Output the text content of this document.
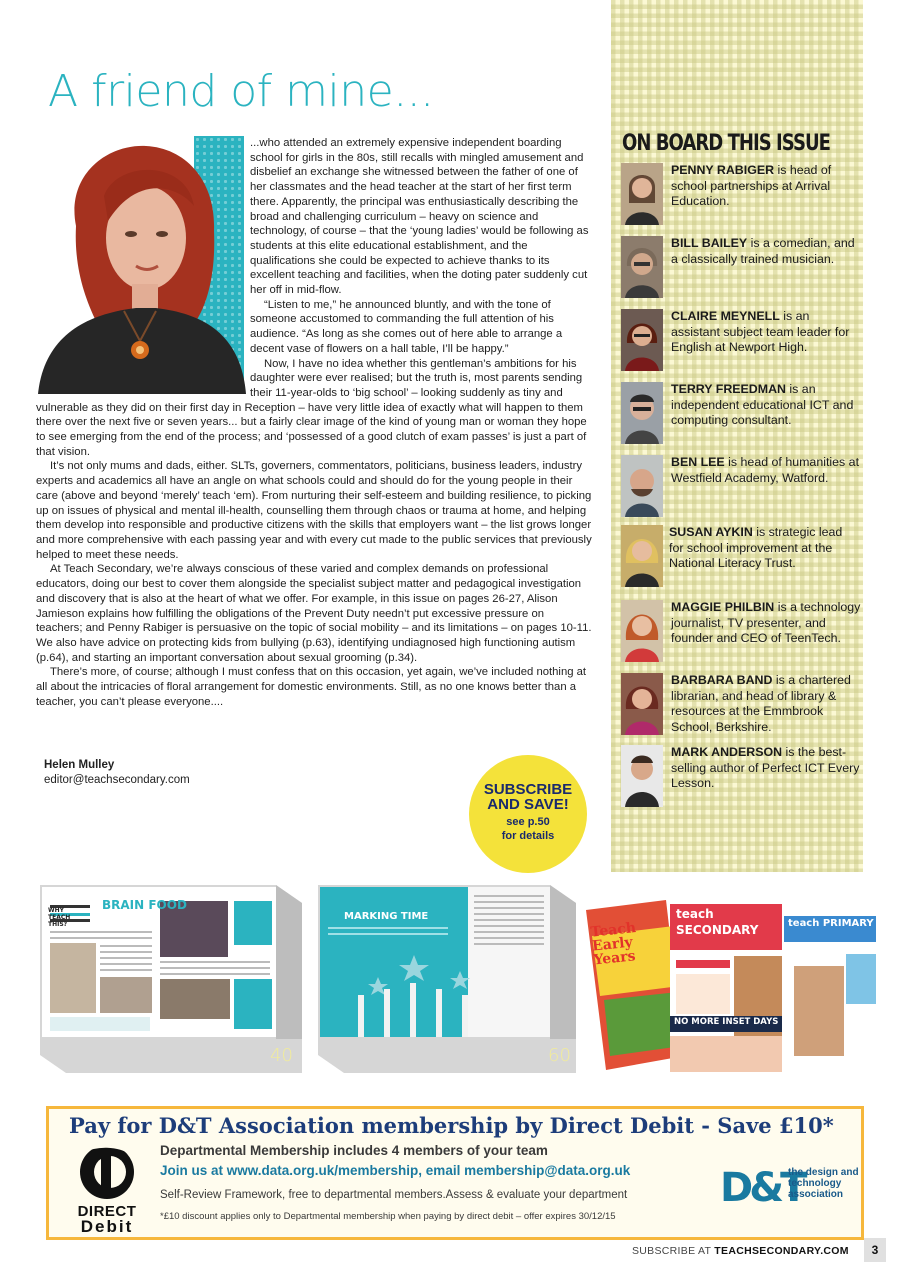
A friend of mine...

...who attended an extremely expensive independent boarding school for girls in the 80s, still recalls with mingled amusement and disbelief an exchange she witnessed between the father of one of her classmates and the head teacher at the start of her first term there. Apparently, the principal was enthusiastically describing the broad and challenging curriculum – heavy on science and technology, of course – that the ‘young ladies’ would be following as students at this elite educational establishment, and the qualifications she could be expected to achieve thanks to its excellent teaching and facilities, when the doting pater suddenly cut her off in mid-flow.

“Listen to me,” he announced bluntly, and with the tone of someone accustomed to commanding the full attention of his audience. “As long as she comes out of here able to arrange a decent vase of flowers on a hall table, I’ll be happy.”

Now, I have no idea whether this gentleman’s ambitions for his daughter were ever realised; but the truth is, most parents sending their 11-year-olds to ‘big school’ – looking suddenly as tiny and vulnerable as they did on their first day in Reception – have very little idea of exactly what will happen to them there over the next five or seven years... but a fairly clear image of the kind of young man or woman they hope to see emerging from the end of the process; and ‘possessed of a good clutch of exam passes’ is just a part of that vision.

It’s not only mums and dads, either. SLTs, governers, commentators, politicians, business leaders, industry experts and academics all have an angle on what schools could and should do for the young people in their care (above and beyond ‘merely’ teach ‘em). From nurturing their self-esteem and building resilience, to picking up on issues of physical and mental ill-health, counselling them through chaos or trauma at home, and helping them develop into responsible and productive citizens with the skills that employers want – the list grows longer and more comprehensive with each passing year and with every cut made to the public services that previously helped to meet these needs.

At Teach Secondary, we’re always conscious of these varied and complex demands on professional educators, doing our best to cover them alongside the specialist subject matter and pedagogical investigation and discovery that is also at the heart of what we offer. For example, in this issue on pages 26-27, Alison Jamieson explains how fulfilling the obligations of the Prevent Duty needn’t put excessive pressure on teachers; and Penny Rabiger is persuasive on the topic of social mobility – and its limitations – on pages 10-11. We also have advice on protecting kids from bullying (p.63), identifying undiagnosed high functioning autism (p.64), and starting an important conversation about sexual grooming (p.34).

There’s more, of course; although I must confess that on this occasion, yet again, we’ve included nothing at all about the intricacies of floral arrangement for domestic environments. Still, as no one knows better than a teacher, you can’t please everyone....

Helen Mulley
editor@teachsecondary.com
SUBSCRIBE
AND SAVE!
see p.50
for details
ON BOARD THIS ISSUE
PENNY RABIGER is head of school partnerships at Arrival Education.
BILL BAILEY is a comedian, and a classically trained musician.
CLAIRE MEYNELL is an assistant subject team leader for English at Newport High.
TERRY FREEDMAN is an independent educational ICT and computing consultant.
BEN LEE is head of humanities at Westfield Academy, Watford.
SUSAN AYKIN is strategic lead for school improvement at the National Literacy Trust.
MAGGIE PHILBIN is a technology journalist, TV presenter, and founder and CEO of TeenTech.
BARBARA BAND is a chartered librarian, and head of library & resources at the Emmbrook School, Berkshire.
MARK ANDERSON is the best-selling author of Perfect ICT Every Lesson.
BRAIN FOOD
WHY TEACH THIS?
40
MARKING TIME
60
Teach Early Years
teach SECONDARY
NO MORE INSET DAYS
teach PRIMARY
Pay for D&T Association membership by Direct Debit - Save £10*
DIRECT
Debit
Departmental Membership includes 4 members of your team
Join us at www.data.org.uk/membership, email membership@data.org.uk
Self-Review Framework, free to departmental members.Assess & evaluate your department
*£10 discount applies only to Departmental membership when paying by direct debit – offer expires 30/12/15
D&T
the design and technology association
SUBSCRIBE AT TEACHSECONDARY.COM	3
